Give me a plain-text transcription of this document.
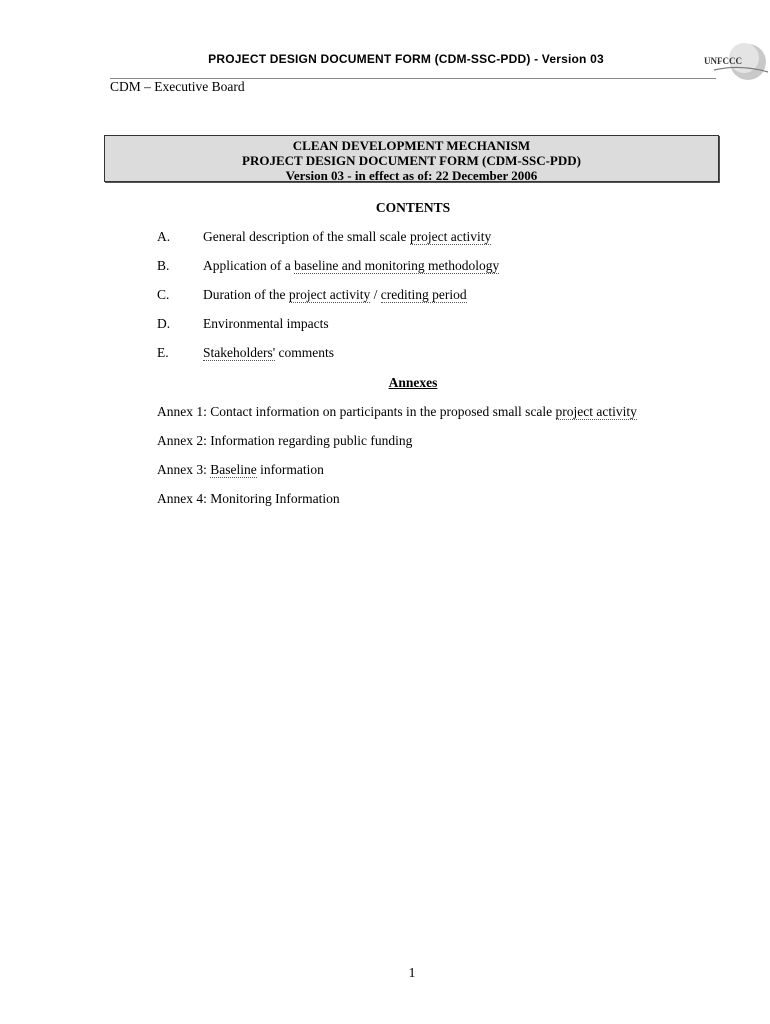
PROJECT DESIGN DOCUMENT FORM (CDM-SSC-PDD) - Version 03	UNFCCC
CDM – Executive Board
CLEAN DEVELOPMENT MECHANISM
PROJECT DESIGN DOCUMENT FORM (CDM-SSC-PDD)
Version 03 - in effect as of: 22 December 2006
CONTENTS
A. General description of the small scale project activity
B. Application of a baseline and monitoring methodology
C. Duration of the project activity / crediting period
D. Environmental impacts
E.	Stakeholders' comments
Annexes
Annex 1: Contact information on participants in the proposed small scale project activity
Annex 2: Information regarding public funding
Annex 3: Baseline information
Annex 4: Monitoring Information
1
